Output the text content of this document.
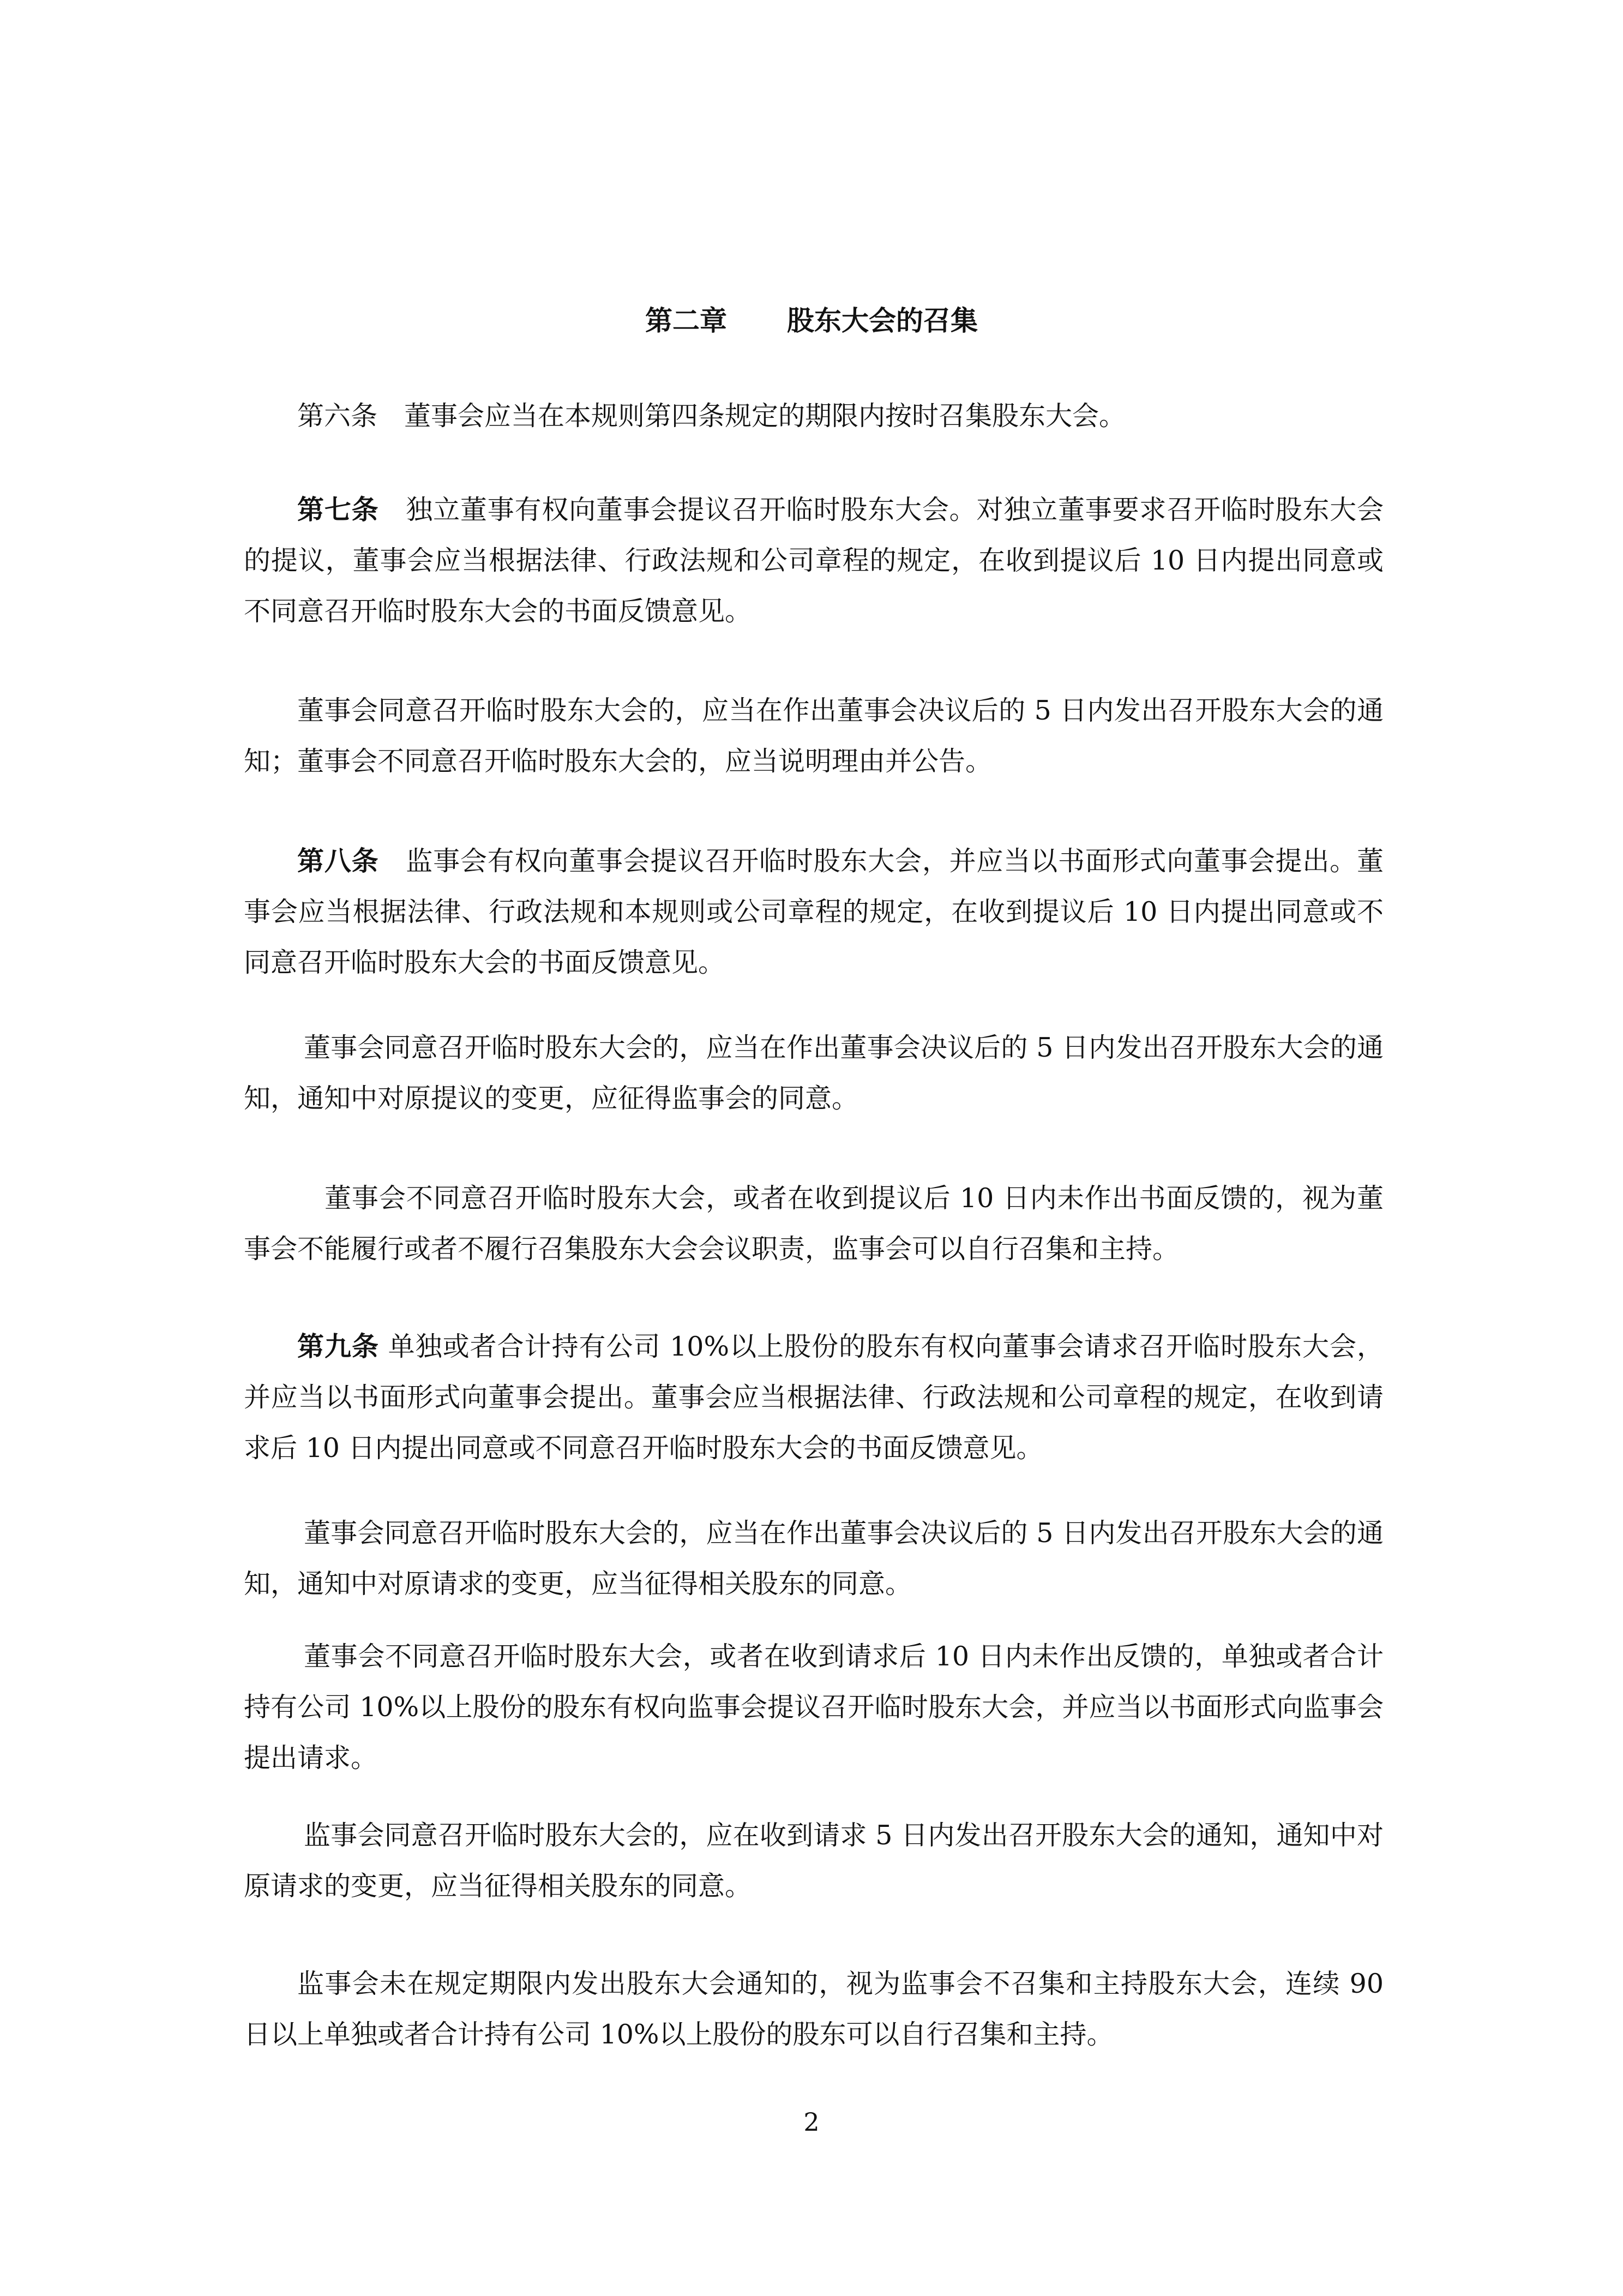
第二章 股东大会的召集

第六条　 董事会应当在本规则第四条规定的期限内按时召集股东大会。

第七条　 独立董事有权向董事会提议召开临时股东大会。对独立董事要求召开临时股东大会的提议，董事会应当根据法律、行政法规和公司章程的规定，在收到提议后 10 日内提出同意或不同意召开临时股东大会的书面反馈意见。

董事会同意召开临时股东大会的，应当在作出董事会决议后的 5 日内发出召开股东大会的通知；董事会不同意召开临时股东大会的，应当说明理由并公告。

第八条　 监事会有权向董事会提议召开临时股东大会，并应当以书面形式向董事会提出。董事会应当根据法律、行政法规和本规则或公司章程的规定，在收到提议后 10 日内提出同意或不同意召开临时股东大会的书面反馈意见。

董事会同意召开临时股东大会的，应当在作出董事会决议后的 5 日内发出召开股东大会的通知，通知中对原提议的变更，应征得监事会的同意。

董事会不同意召开临时股东大会，或者在收到提议后 10 日内未作出书面反馈的，视为董事会不能履行或者不履行召集股东大会会议职责，监事会可以自行召集和主持。

第九条 单独或者合计持有公司 10%以上股份的股东有权向董事会请求召开临时股东大会，并应当以书面形式向董事会提出。董事会应当根据法律、行政法规和公司章程的规定，在收到请求后 10 日内提出同意或不同意召开临时股东大会的书面反馈意见。

董事会同意召开临时股东大会的，应当在作出董事会决议后的 5 日内发出召开股东大会的通知，通知中对原请求的变更，应当征得相关股东的同意。

董事会不同意召开临时股东大会，或者在收到请求后 10 日内未作出反馈的，单独或者合计持有公司 10%以上股份的股东有权向监事会提议召开临时股东大会，并应当以书面形式向监事会提出请求。

监事会同意召开临时股东大会的，应在收到请求 5 日内发出召开股东大会的通知，通知中对原请求的变更，应当征得相关股东的同意。

监事会未在规定期限内发出股东大会通知的，视为监事会不召集和主持股东大会，连续 90 日以上单独或者合计持有公司 10%以上股份的股东可以自行召集和主持。

2
